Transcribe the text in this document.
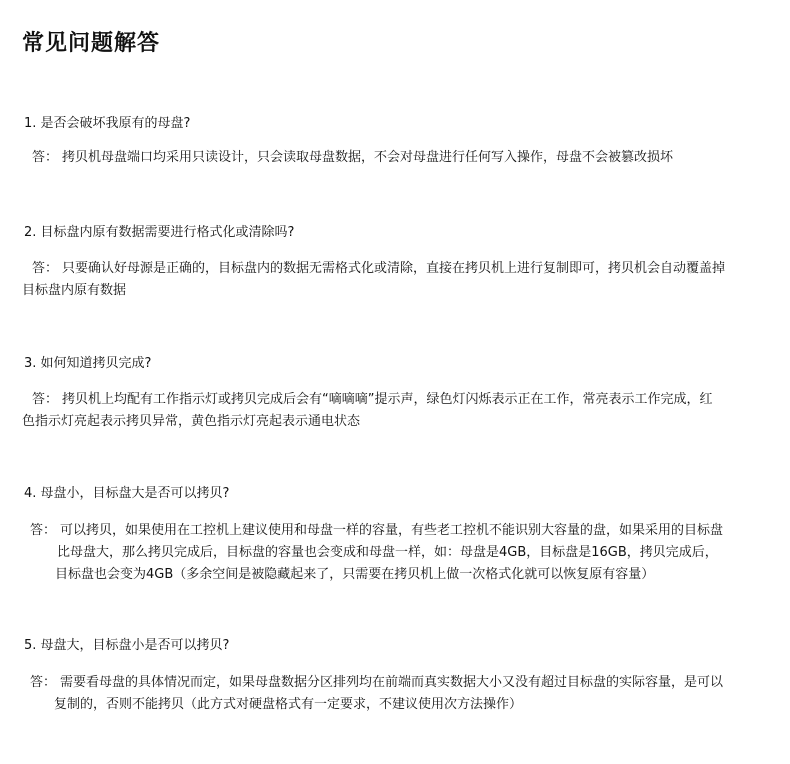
常见问题解答

1. 是否会破坏我原有的母盘?

答： 拷贝机母盘端口均采用只读设计，只会读取母盘数据，不会对母盘进行任何写入操作，母盘不会被篡改损坏

2. 目标盘内原有数据需要进行格式化或清除吗?

答： 只要确认好母源是正确的，目标盘内的数据无需格式化或清除，直接在拷贝机上进行复制即可，拷贝机会自动覆盖掉
目标盘内原有数据

3. 如何知道拷贝完成?

答： 拷贝机上均配有工作指示灯或拷贝完成后会有“嘀嘀嘀”提示声，绿色灯闪烁表示正在工作，常亮表示工作完成，红
色指示灯亮起表示拷贝异常，黄色指示灯亮起表示通电状态

4. 母盘小，目标盘大是否可以拷贝?

答： 可以拷贝，如果使用在工控机上建议使用和母盘一样的容量，有些老工控机不能识别大容量的盘，如果采用的目标盘
比母盘大，那么拷贝完成后，目标盘的容量也会变成和母盘一样，如：母盘是4GB，目标盘是16GB，拷贝完成后，
目标盘也会变为4GB（多余空间是被隐藏起来了，只需要在拷贝机上做一次格式化就可以恢复原有容量）

5. 母盘大，目标盘小是否可以拷贝?

答： 需要看母盘的具体情况而定，如果母盘数据分区排列均在前端而真实数据大小又没有超过目标盘的实际容量，是可以
复制的，否则不能拷贝（此方式对硬盘格式有一定要求，不建议使用次方法操作）
